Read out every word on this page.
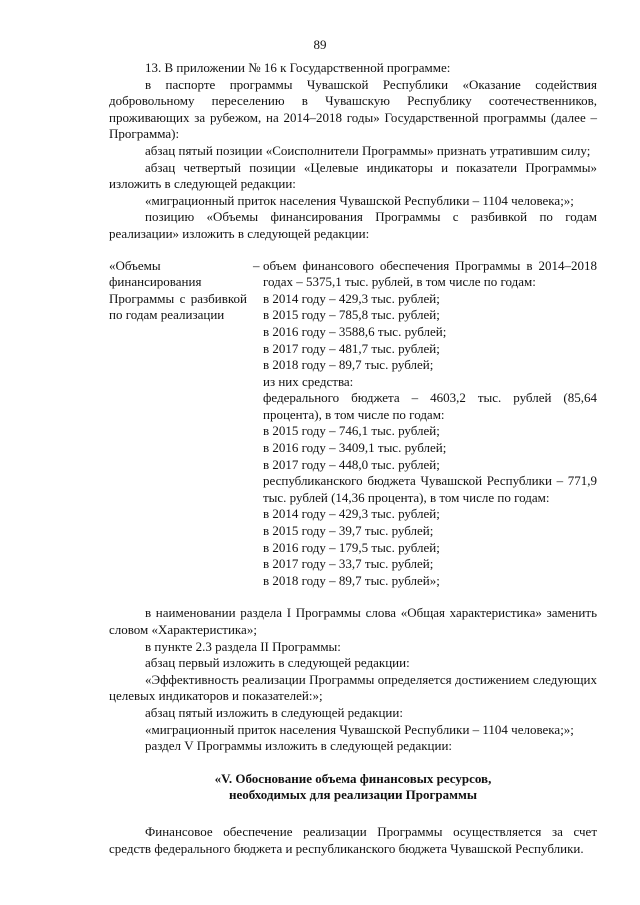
89

13. В приложении № 16 к Государственной программе:

в паспорте программы Чувашской Республики «Оказание содействия добровольному переселению в Чувашскую Республику соотечественников, проживающих за рубежом, на 2014–2018 годы» Государственной программы (далее – Программа):

абзац пятый позиции «Соисполнители Программы» признать утратившим силу;

абзац четвертый позиции «Целевые индикаторы и показатели Программы» изложить в следующей редакции:

«миграционный приток населения Чувашской Республики – 1104 человека;»;

позицию «Объемы финансирования Программы с разбивкой по годам реализации» изложить в следующей редакции:

«Объемы финансирования Программы с разбивкой по годам реализации
– объем финансового обеспечения Программы в 2014–2018 годах – 5375,1 тыс. рублей, в том числе по годам:

в 2014 году – 429,3 тыс. рублей;

в 2015 году – 785,8 тыс. рублей;

в 2016 году – 3588,6 тыс. рублей;

в 2017 году – 481,7 тыс. рублей;

в 2018 году – 89,7 тыс. рублей;

из них средства:

федерального бюджета – 4603,2 тыс. рублей (85,64 процента), в том числе по годам:

в 2015 году – 746,1 тыс. рублей;

в 2016 году – 3409,1 тыс. рублей;

в 2017 году – 448,0 тыс. рублей;

республиканского бюджета Чувашской Республики – 771,9 тыс. рублей (14,36 процента), в том числе по годам:

в 2014 году – 429,3 тыс. рублей;

в 2015 году – 39,7 тыс. рублей;

в 2016 году – 179,5 тыс. рублей;

в 2017 году – 33,7 тыс. рублей;

в 2018 году – 89,7 тыс. рублей»;

в наименовании раздела I Программы слова «Общая характеристика» заменить словом «Характеристика»;

в пункте 2.3 раздела II Программы:

абзац первый изложить в следующей редакции:

«Эффективность реализации Программы определяется достижением следующих целевых индикаторов и показателей:»;

абзац пятый изложить в следующей редакции:

«миграционный приток населения Чувашской Республики – 1104 человека;»;

раздел V Программы изложить в следующей редакции:

«V. Обоснование объема финансовых ресурсов,
необходимых для реализации Программы

Финансовое обеспечение реализации Программы осуществляется за счет средств федерального бюджета и республиканского бюджета Чувашской Республики.
